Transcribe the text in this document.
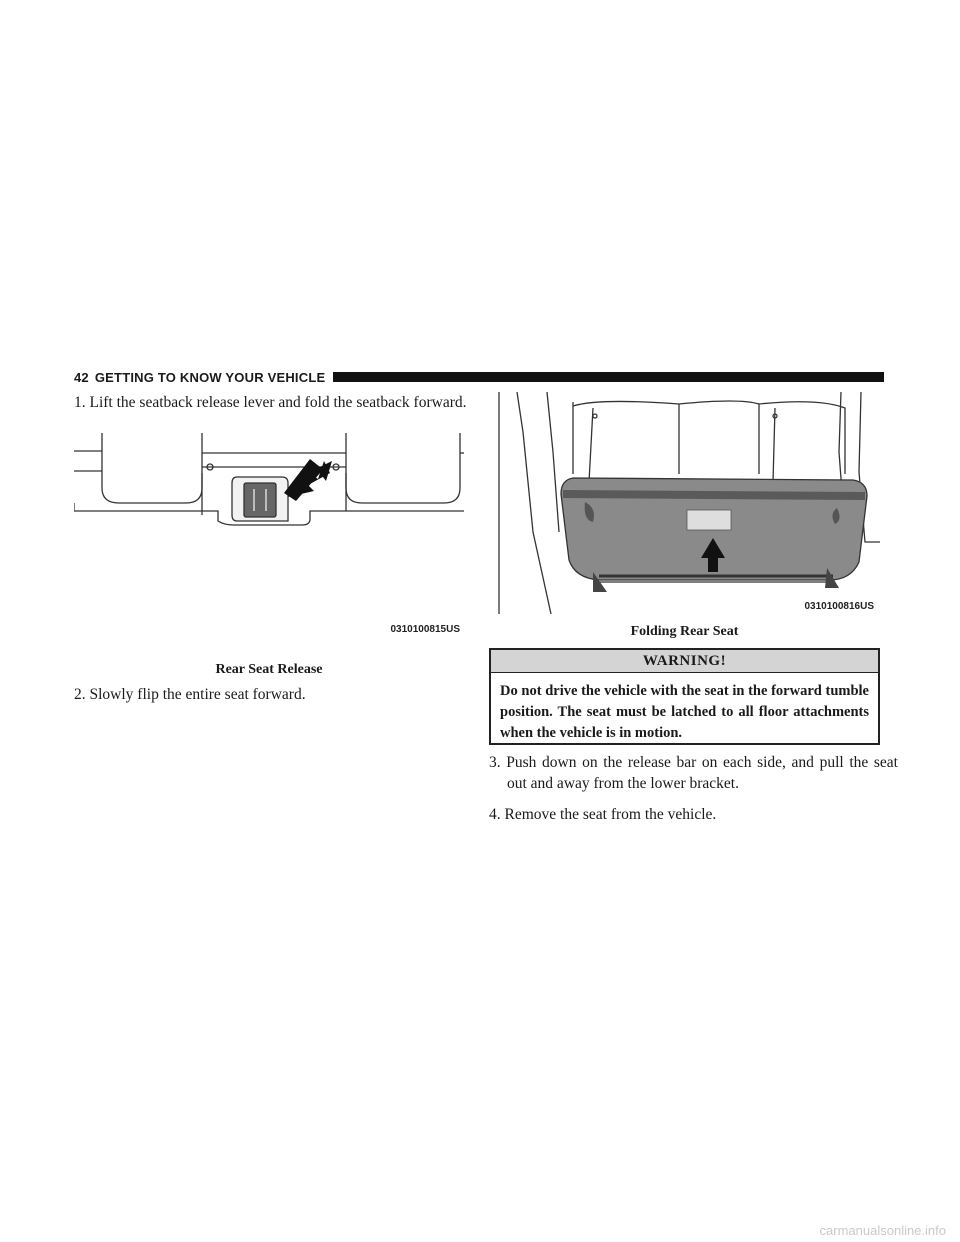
42 GETTING TO KNOW YOUR VEHICLE
1. Lift the seatback release lever and fold the seatback forward.
0310100815US
Rear Seat Release
2. Slowly flip the entire seat forward.
0310100816US
Folding Rear Seat
WARNING!
Do not drive the vehicle with the seat in the forward tumble position. The seat must be latched to all floor attachments when the vehicle is in motion.
3. Push down on the release bar on each side, and pull the seat out and away from the lower bracket.
4. Remove the seat from the vehicle.
carmanualsonline.info
